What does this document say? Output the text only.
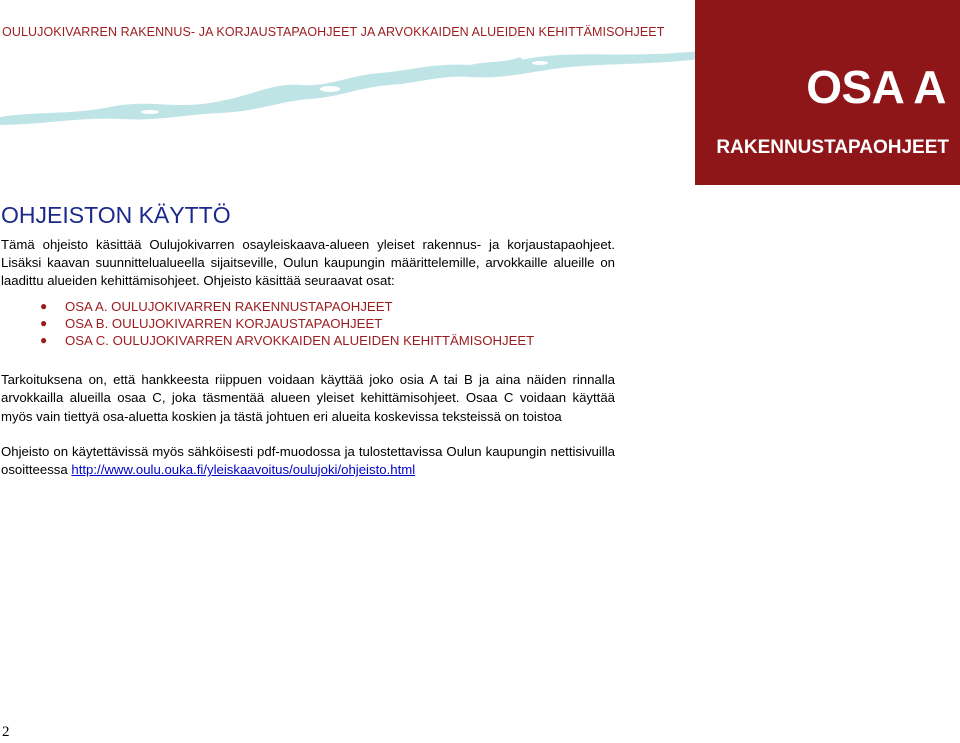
OULUJOKIVARREN RAKENNUS- JA KORJAUSTAPAOHJEET JA ARVOKKAIDEN ALUEIDEN KEHITTÄMISOHJEET
OSA A
RAKENNUSTAPAOHJEET
OHJEISTON KÄYTTÖ

Tämä ohjeisto käsittää Oulujokivarren osayleiskaava-alueen yleiset rakennus- ja korjaustapaohjeet. Lisäksi kaavan suunnittelualueella sijaitseville, Oulun kaupungin määrittelemille, arvokkaille alueille on laadittu alueiden kehittämisohjeet. Ohjeisto käsittää seuraavat osat:

● OSA A. OULUJOKIVARREN RAKENNUSTAPAOHJEET
● OSA B. OULUJOKIVARREN KORJAUSTAPAOHJEET
● OSA C. OULUJOKIVARREN ARVOKKAIDEN ALUEIDEN KEHITTÄMISOHJEET

Tarkoituksena on, että hankkeesta riippuen voidaan käyttää joko osia A tai B ja aina näiden rinnalla arvokkailla alueilla osaa C, joka täsmentää alueen yleiset kehittämisohjeet. Osaa C voidaan käyttää myös vain tiettyä osa-aluetta koskien ja tästä johtuen eri alueita koskevissa teksteissä on toistoa

Ohjeisto on käytettävissä myös sähköisesti pdf-muodossa ja tulostettavissa Oulun kaupungin nettisivuilla osoitteessa http://www.oulu.ouka.fi/yleiskaavoitus/oulujoki/ohjeisto.html

2
